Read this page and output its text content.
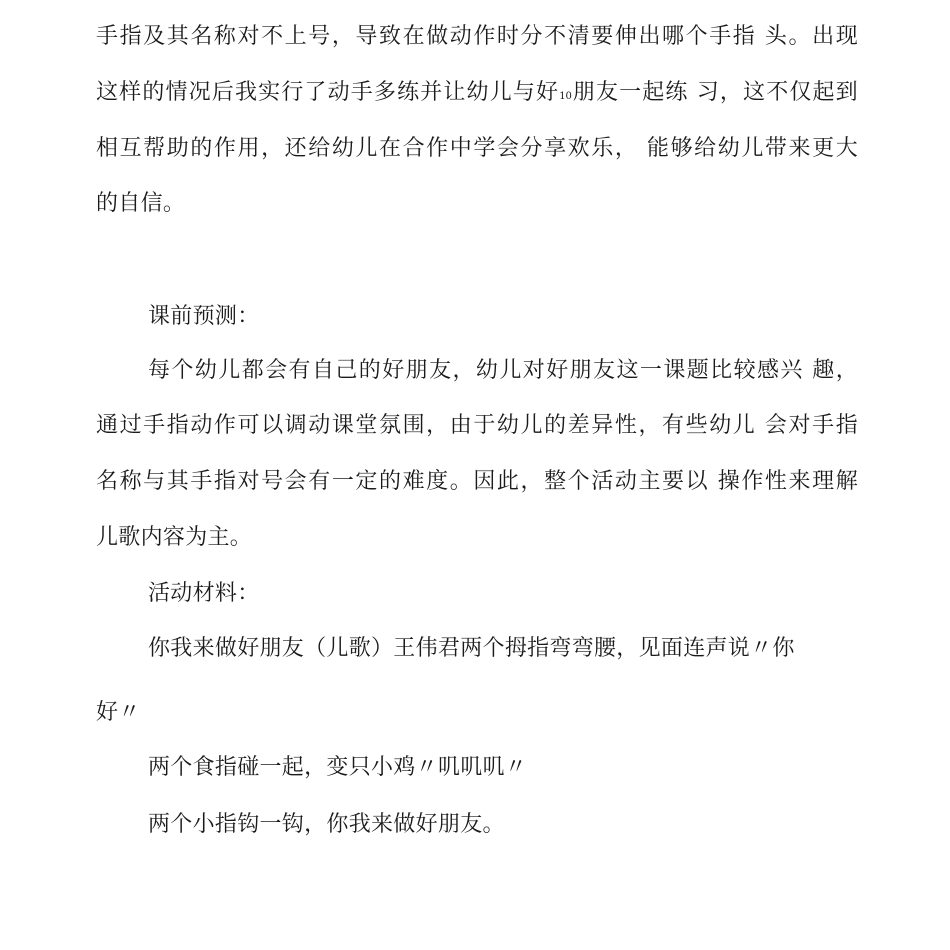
手指及其名称对不上号，导致在做动作时分不清要伸出哪个手指 头。出现
这样的情况后我实行了动手多练并让幼儿与好10朋友一起练 习，这不仅起到
相互帮助的作用，还给幼儿在合作中学会分享欢乐， 能够给幼儿带来更大
的自信。
课前预测：
每个幼儿都会有自己的好朋友，幼儿对好朋友这一课题比较感兴 趣，
通过手指动作可以调动课堂氛围，由于幼儿的差异性，有些幼儿 会对手指
名称与其手指对号会有一定的难度。因此，整个活动主要以 操作性来理解
儿歌内容为主。
活动材料：
你我来做好朋友（儿歌）王伟君两个拇指弯弯腰，见面连声说〃你
好〃
两个食指碰一起，变只小鸡〃叽叽叽〃
两个小指钩一钩，你我来做好朋友。
